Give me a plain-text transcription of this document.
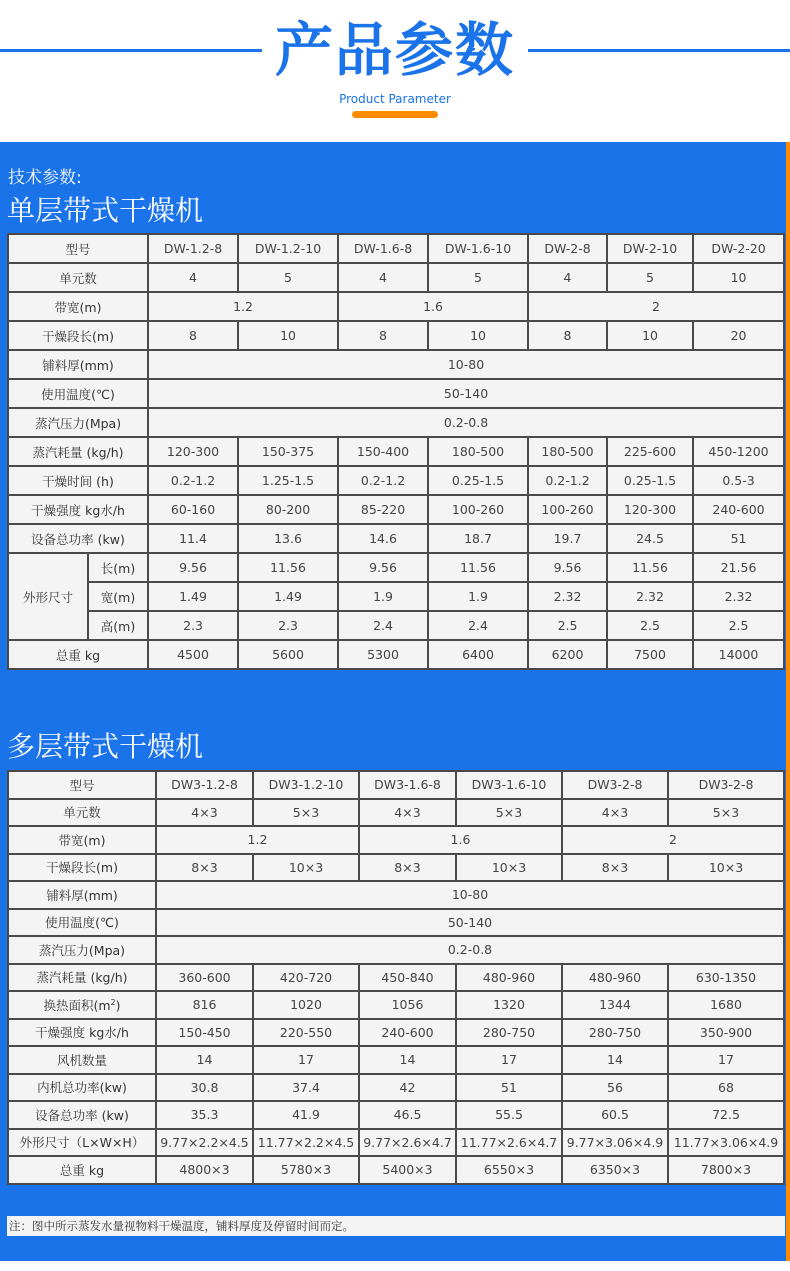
产品参数
Product Parameter
技术参数:
单层带式干燥机
型号		DW-1.2-8	DW-1.2-10	DW-1.6-8	DW-1.6-10	DW-2-8	DW-2-10	DW-2-20
单元数		4	5	4	5	4	5	10
带宽(m)		1.2		1.6		2		
干燥段长(m)		8	10	8	10	8	10	20
铺料厚(mm)		10-80						
使用温度(℃)		50-140						
蒸汽压力(Mpa)		0.2-0.8						
蒸汽耗量 (kg/h)		120-300	150-375	150-400	180-500	180-500	225-600	450-1200
干燥时间 (h)		0.2-1.2	1.25-1.5	0.2-1.2	0.25-1.5	0.2-1.2	0.25-1.5	0.5-3
干燥强度 kg水/h		60-160	80-200	85-220	100-260	100-260	120-300	240-600
设备总功率 (kw)		11.4	13.6	14.6	18.7	19.7	24.5	51
外形尺寸	长(m)	9.56	11.56	9.56	11.56	9.56	11.56	21.56
	宽(m)	1.49	1.49	1.9	1.9	2.32	2.32	2.32
	高(m)	2.3	2.3	2.4	2.4	2.5	2.5	2.5
总重 kg		4500	5600	5300	6400	6200	7500	14000
多层带式干燥机
型号	DW3-1.2-8	DW3-1.2-10	DW3-1.6-8	DW3-1.6-10	DW3-2-8	DW3-2-8
单元数	4×3	5×3	4×3	5×3	4×3	5×3
带宽(m)	1.2		1.6		2	
干燥段长(m)	8×3	10×3	8×3	10×3	8×3	10×3
铺料厚(mm)	10-80					
使用温度(℃)	50-140					
蒸汽压力(Mpa)	0.2-0.8					
蒸汽耗量 (kg/h)	360-600	420-720	450-840	480-960	480-960	630-1350
换热面积$(m^2)$	816	1020	1056	1320	1344	1680
干燥强度 kg水/h	150-450	220-550	240-600	280-750	280-750	350-900
风机数量	14	17	14	17	14	17
内机总功率(kw)	30.8	37.4	42	51	56	68
设备总功率 (kw)	35.3	41.9	46.5	55.5	60.5	72.5
外形尺寸（L×W×H）	9.77×2.2×4.5	11.77×2.2×4.5	9.77×2.6×4.7	11.77×2.6×4.7	9.77×3.06×4.9	11.77×3.06×4.9
总重 kg	4800×3	5780×3	5400×3	6550×3	6350×3	7800×3
注：图中所示蒸发水量视物料干燥温度，铺料厚度及停留时间而定。
